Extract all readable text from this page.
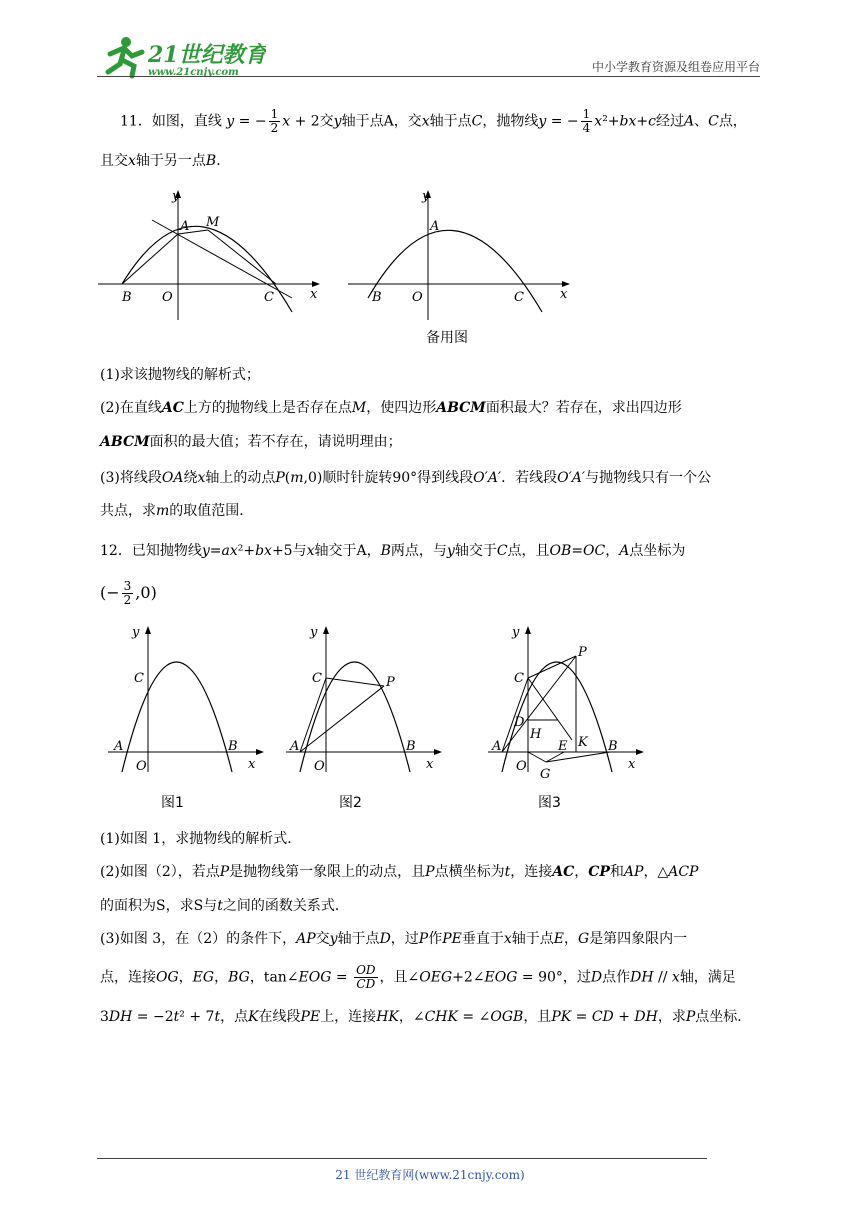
21世纪教育
www.21cnjy.com	中小学教育资源及组卷应用平台
11．如图，直线 y = − $\frac{1}{2}$ x + 2交y轴于点A，交x轴于点C，抛物线y = − $\frac{1}{4} x^2+bx+c$经过A、C点，
且交x轴于另一点B．
y
A M
B O	C	x
y
A
B O	C	x
备用图
(1)求该抛物线的解析式；
(2)在直线AC上方的抛物线上是否存在点M，使四边形ABCM面积最大？若存在，求出四边形
ABCM面积的最大值；若不存在，请说明理由；
(3)将线段OA绕x轴上的动点P(m,0)顺时针旋转90°得到线段O′A′．若线段O′A′与抛物线只有一个公
共点，求m的取值范围．
12．已知抛物线y=ax²+bx+5与x轴交于A，B两点，与y轴交于C点，且OB=OC，A点坐标为
(− $\frac{3}{2} ,0$)
y
C
A
O
B
x
图1
y
C	P
A
O
B
x
图2
y
C
P
D
H
E K
A
O
G
B
x
图3
(1)如图 1，求抛物线的解析式．
(2)如图（2），若点P是抛物线第一象限上的动点，且P点横坐标为t，连接AC，CP和AP，△ACP
的面积为S，求S与t之间的函数关系式．
(3)如图 3，在（2）的条件下，AP交y轴于点D，过P作PE垂直于x轴于点E，G是第四象限内一
点，连接OG，EG，BG，tan∠EOG = $\frac{OD}{CD}$ ，且∠OEG+2∠EOG = 90°，过D点作DH // x轴，满足
3DH = −2t² + 7t，点K在线段PE上，连接HK，∠CHK = ∠OGB，且PK = CD + DH，求P点坐标．
21 世纪教育网(www.21cnjy.com)
